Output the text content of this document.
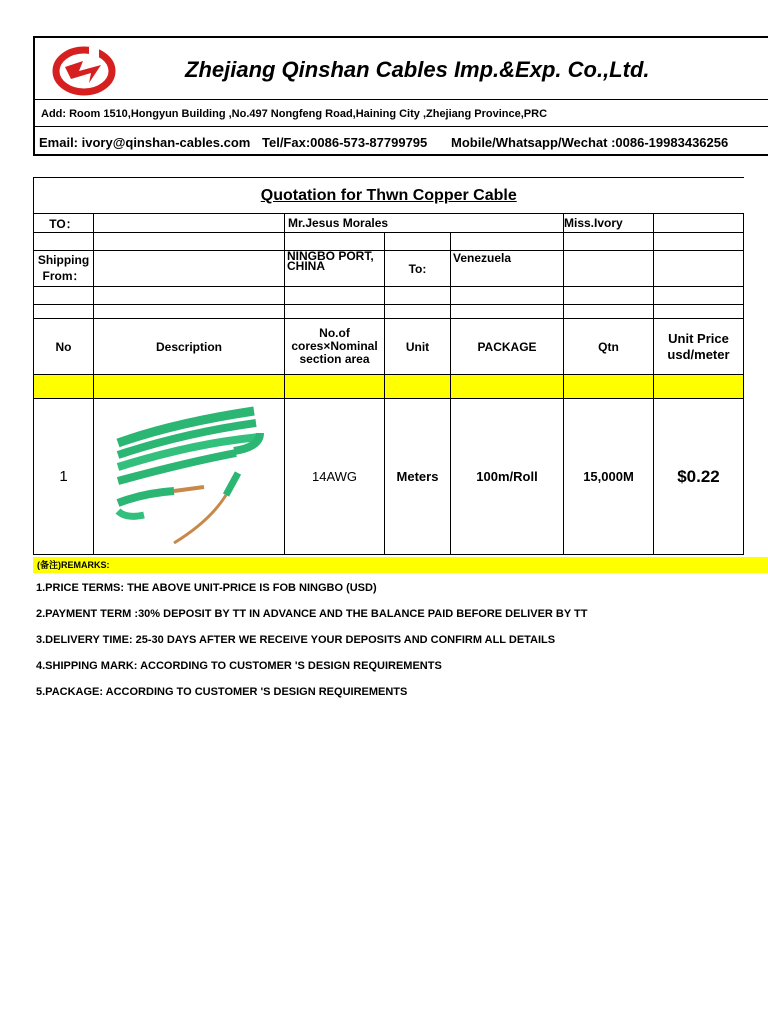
Zhejiang Qinshan Cables Imp.&Exp. Co.,Ltd.
Add: Room 1510,Hongyun Building ,No.497 Nongfeng Road,Haining City ,Zhejiang Province,PRC
Email: ivory@qinshan-cables.com Tel/Fax:0086-573-87799795 Mobile/Whatsapp/Wechat :0086-19983436256
Quotation for Thwn Copper Cable						
TO：		Mr.Jesus Morales			Miss.Ivory	

Shipping From：		NINGBO PORT, CHINA	To:	Venezuela		

No	Description	No.of cores×Nominal section area	Unit	PACKAGE	Qtn	Unit Price usd/meter

1		14AWG	Meters	100m/Roll	15,000M	$0.22
(备注)REMARKS:
1.PRICE TERMS: THE ABOVE UNIT-PRICE IS FOB NINGBO (USD)
2.PAYMENT TERM :30% DEPOSIT BY TT IN ADVANCE AND THE BALANCE PAID BEFORE DELIVER BY TT
3.DELIVERY TIME: 25-30 DAYS AFTER WE RECEIVE YOUR DEPOSITS AND CONFIRM ALL DETAILS
4.SHIPPING MARK: ACCORDING TO CUSTOMER 'S DESIGN REQUIREMENTS
5.PACKAGE: ACCORDING TO CUSTOMER 'S DESIGN REQUIREMENTS
